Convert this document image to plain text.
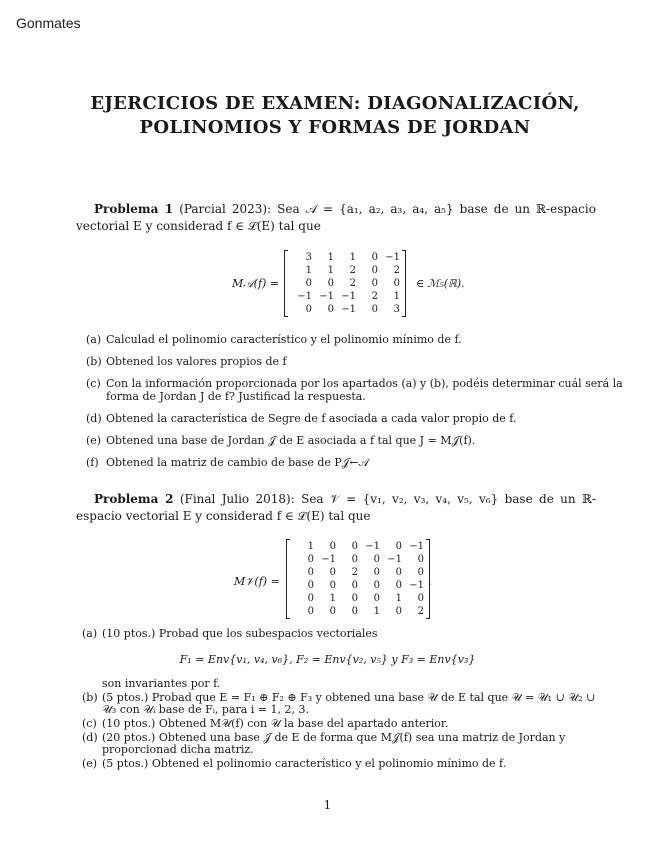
Gonmates
EJERCICIOS DE EXAMEN: DIAGONALIZACIÓN,
POLINOMIOS Y FORMAS DE JORDAN
Problema 1 (Parcial 2023): Sea 𝒜 = {a₁, a₂, a₃, a₄, a₅} base de un ℝ-espacio vectorial E y considerad f ∈ ℒ(E) tal que
M𝒜(f) =
3	1	1	0 −1
1	1	2	0	2
0	0	2	0	0
−1 −1 −1	2	1
0	0 −1	0	3
∈ ℳ₅(ℝ).
(a) Calculad el polinomio característico y el polinomio mínimo de f.
(b) Obtened los valores propios de f
(c) Con la información proporcionada por los apartados (a) y (b), podéis determinar cuál será la forma de Jordan J de f? Justificad la respuesta.
(d) Obtened la característica de Segre de f asociada a cada valor propio de f.
(e) Obtened una base de Jordan 𝒥 de E asociada a f tal que J = M𝒥(f).
(f) Obtened la matriz de cambio de base de P𝒥←𝒜
Problema 2 (Final Julio 2018): Sea 𝒱 = {v₁, v₂, v₃, v₄, v₅, v₆} base de un ℝ-espacio vectorial E y considerad f ∈ ℒ(E) tal que
M𝒱(f) =
1	0	0 −1	0 −1
0 −1	0	0 −1	0
0	0	2	0	0	0
0	0	0	0	0 −1
0	1	0	0	1	0
0	0	0	1	0	2
.
(a) (10 ptos.) Probad que los subespacios vectoriales
F₁ = Env{v₁, v₄, v₆}, F₂ = Env{v₂, v₅} y F₃ = Env{v₃}
son invariantes por f.
(b) (5 ptos.) Probad que E = F₁ ⊕ F₂ ⊕ F₃ y obtened una base 𝒰 de E tal que 𝒰 = 𝒰₁ ∪ 𝒰₂ ∪ 𝒰₃ con 𝒰ᵢ base de Fᵢ, para i = 1, 2, 3.
(c) (10 ptos.) Obtened M𝒰(f) con 𝒰 la base del apartado anterior.
(d) (20 ptos.) Obtened una base 𝒥 de E de forma que M𝒥(f) sea una matriz de Jordan y proporcionad dicha matriz.
(e) (5 ptos.) Obtened el polinomio característico y el polinomio mínimo de f.
1
